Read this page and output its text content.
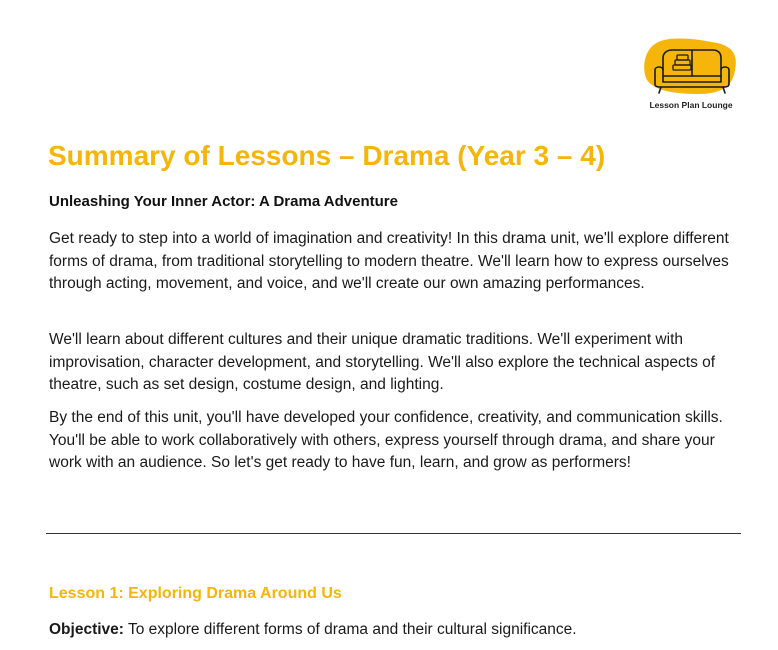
Lesson Plan Lounge
Summary of Lessons – Drama (Year 3 – 4)

Unleashing Your Inner Actor: A Drama Adventure

Get ready to step into a world of imagination and creativity! In this drama unit, we'll explore different forms of drama, from traditional storytelling to modern theatre. We'll learn how to express ourselves through acting, movement, and voice, and we'll create our own amazing performances.

We'll learn about different cultures and their unique dramatic traditions. We'll experiment with improvisation, character development, and storytelling. We'll also explore the technical aspects of theatre, such as set design, costume design, and lighting.

By the end of this unit, you'll have developed your confidence, creativity, and communication skills. You'll be able to work collaboratively with others, express yourself through drama, and share your work with an audience. So let's get ready to have fun, learn, and grow as performers!

Lesson 1: Exploring Drama Around Us

Objective: To explore different forms of drama and their cultural significance.
